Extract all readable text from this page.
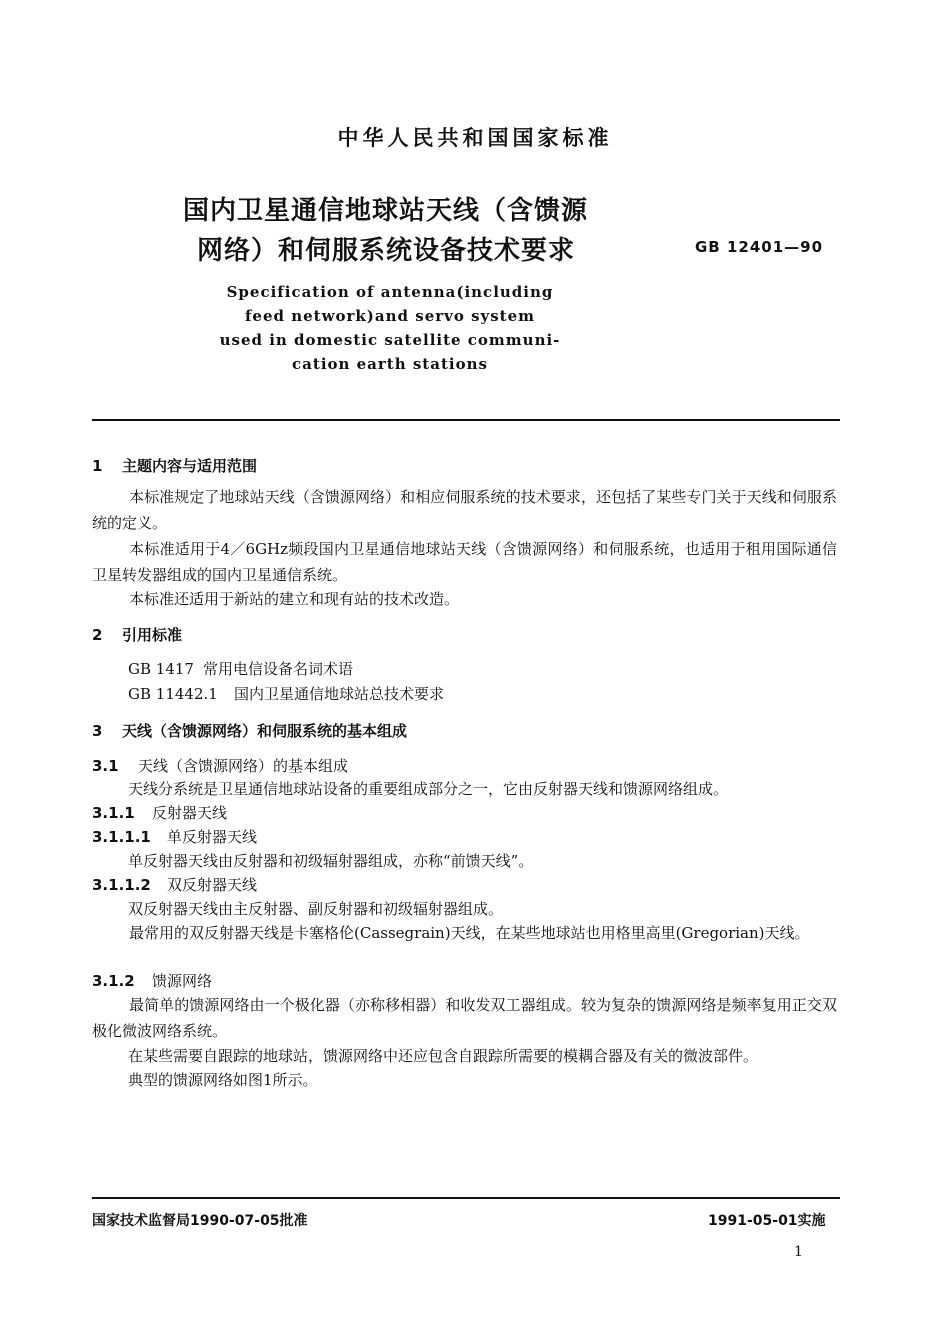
中华人民共和国国家标准
国内卫星通信地球站天线（含馈源
网络）和伺服系统设备技术要求	GB 12401—90
Specification of antenna(including
feed network)and servo system
used in domestic satellite communi-
cation earth stations
1 主题内容与适用范围
本标准规定了地球站天线（含馈源网络）和相应伺服系统的技术要求，还包括了某些专门关于天线和伺服系统的定义。
本标准适用于4／6GHz频段国内卫星通信地球站天线（含馈源网络）和伺服系统，也适用于租用国际通信卫星转发器组成的国内卫星通信系统。
本标准还适用于新站的建立和现有站的技术改造。
2 引用标准
GB 1417 常用电信设备名词术语
GB 11442.1 国内卫星通信地球站总技术要求
3 天线（含馈源网络）和伺服系统的基本组成
3.1 天线（含馈源网络）的基本组成
天线分系统是卫星通信地球站设备的重要组成部分之一，它由反射器天线和馈源网络组成。
3.1.1 反射器天线
3.1.1.1 单反射器天线
单反射器天线由反射器和初级辐射器组成，亦称“前馈天线”。
3.1.1.2 双反射器天线
双反射器天线由主反射器、副反射器和初级辐射器组成。
最常用的双反射器天线是卡塞格伦(Cassegrain)天线，在某些地球站也用格里高里(Gregorian)天线。
3.1.2 馈源网络
最简单的馈源网络由一个极化器（亦称移相器）和收发双工器组成。较为复杂的馈源网络是频率复用正交双极化微波网络系统。
在某些需要自跟踪的地球站，馈源网络中还应包含自跟踪所需要的模耦合器及有关的微波部件。
典型的馈源网络如图1所示。
国家技术监督局1990-07-05批准	1991-05-01实施
1
